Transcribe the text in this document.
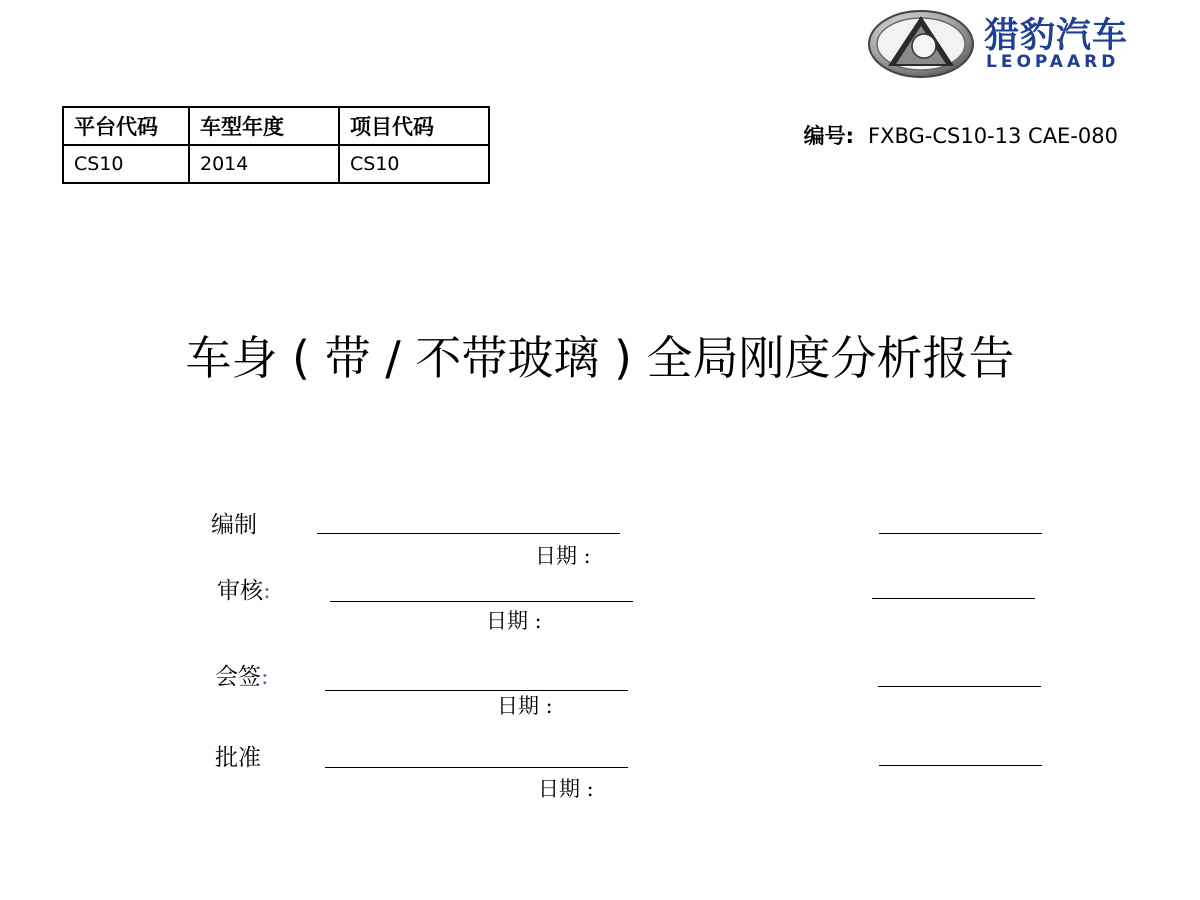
猎豹汽车
LEOPAARD
平台代码	车型年度	项目代码
CS10	2014	CS10
编号: FXBG-CS10-13 CAE-080
车身 ( 带 / 不带玻璃 ) 全局刚度分析报告
编制
日期 :
审核:
日期 :
会签:
日期 :
批准
日期 :
